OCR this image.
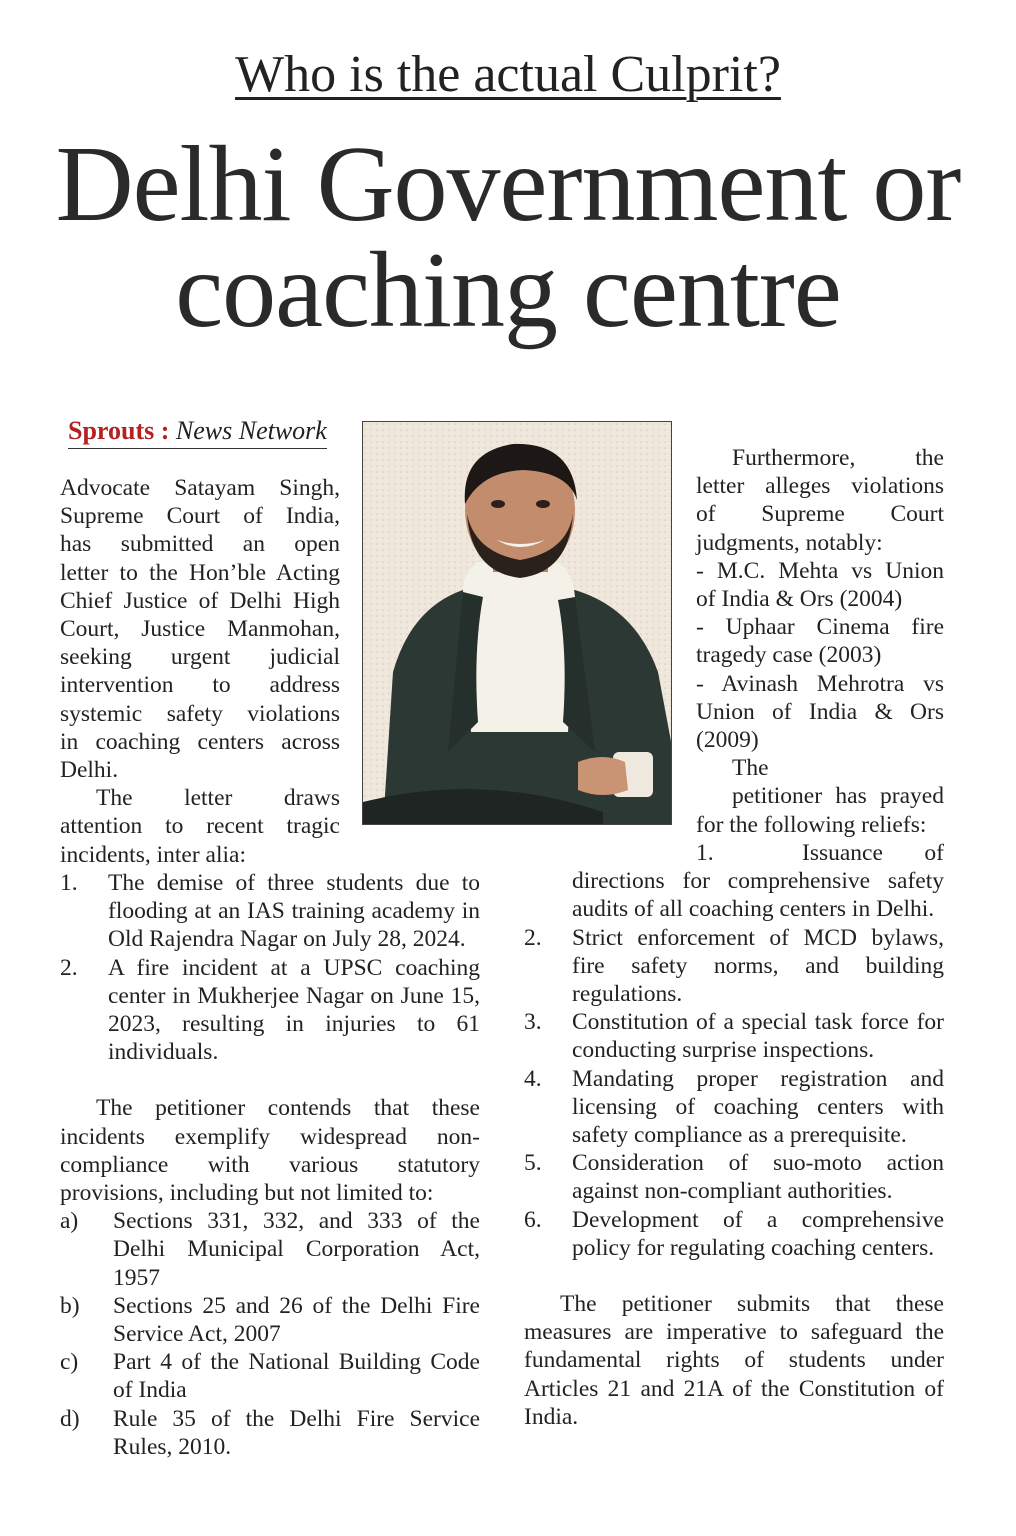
Who is the actual Culprit?
Delhi Government or
coaching centre
Sprouts : News Network

Advocate Satayam Singh,
Supreme Court of India,
has submitted an open
letter to the Hon’ble Acting
Chief Justice of Delhi High
Court, Justice Manmohan,
seeking urgent judicial
intervention to address
systemic safety violations
in coaching centers across

Delhi.

The letter draws

attention to recent tragic

incidents, inter alia:

1. The demise of three students due to flooding at an IAS training academy in Old Rajendra Nagar on July 28, 2024.
2. A fire incident at a UPSC coaching center in Mukherjee Nagar on June 15, 2023, resulting in injuries to 61 individuals.

The petitioner contends that these incidents exemplify widespread non-compliance with various statutory provisions, including but not limited to:

a) Sections 331, 332, and 333 of the Delhi Municipal Corporation Act, 1957
b) Sections 25 and 26 of the Delhi Fire Service Act, 2007
c) Part 4 of the National Building Code of India
d) Rule 35 of the Delhi Fire Service Rules, 2010.

Furthermore, the

letter alleges violations

of Supreme Court

judgments, notably:

- M.C. Mehta vs Union

of India & Ors (2004)

- Uphaar Cinema fire

tragedy case (2003)

- Avinash Mehrotra vs

Union of India & Ors

(2009)

The

petitioner has prayed

for the following reliefs:

1.	Issuance of directions for comprehensive safety audits of all coaching centers in Delhi.
2. Strict enforcement of MCD bylaws, fire safety norms, and building regulations.
3. Constitution of a special task force for conducting surprise inspections.
4. Mandating proper registration and licensing of coaching centers with safety compliance as a prerequisite.
5. Consideration of suo-moto action against non-compliant authorities.
6. Development of a comprehensive policy for regulating coaching centers.

The petitioner submits that these measures are imperative to safeguard the fundamental rights of students under Articles 21 and 21A of the Constitution of India.
